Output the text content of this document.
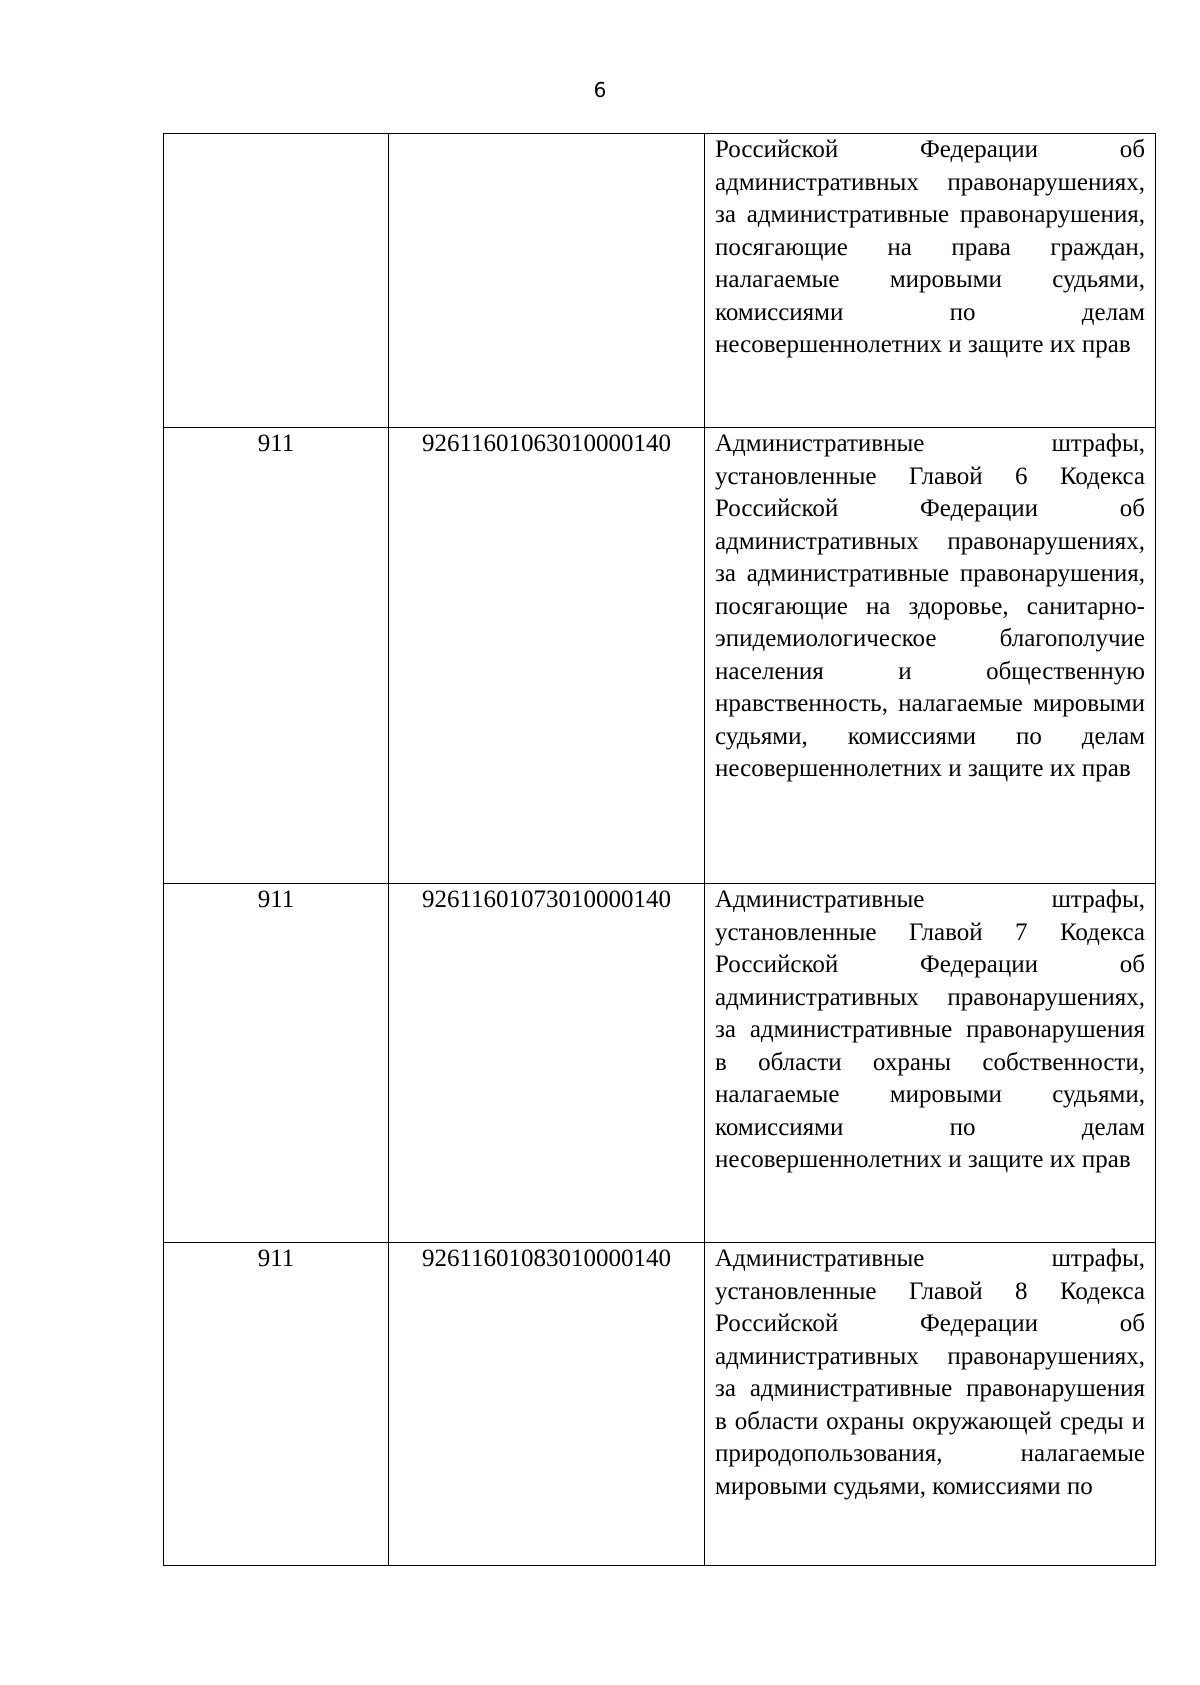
6

		Российской Федерации об административных правонарушениях, за административные правонарушения, посягающие на права граждан, налагаемые мировыми судьями, комиссиями по делам несовершеннолетних и защите их прав

911	92611601063010000140	Административные штрафы, установленные Главой 6 Кодекса Российской Федерации об административных правонарушениях, за административные правонарушения, посягающие на здоровье, санитарно-эпидемиологическое благополучие населения и общественную нравственность, налагаемые мировыми судьями, комиссиями по делам несовершеннолетних и защите их прав

911	92611601073010000140	Административные штрафы, установленные Главой 7 Кодекса Российской Федерации об административных правонарушениях, за административные правонарушения в области охраны собственности, налагаемые мировыми судьями, комиссиями по делам несовершеннолетних и защите их прав

911	92611601083010000140	Административные штрафы, установленные Главой 8 Кодекса Российской Федерации об административных правонарушениях, за административные правонарушения в области охраны окружающей среды и природопользования, налагаемые мировыми судьями, комиссиями по
